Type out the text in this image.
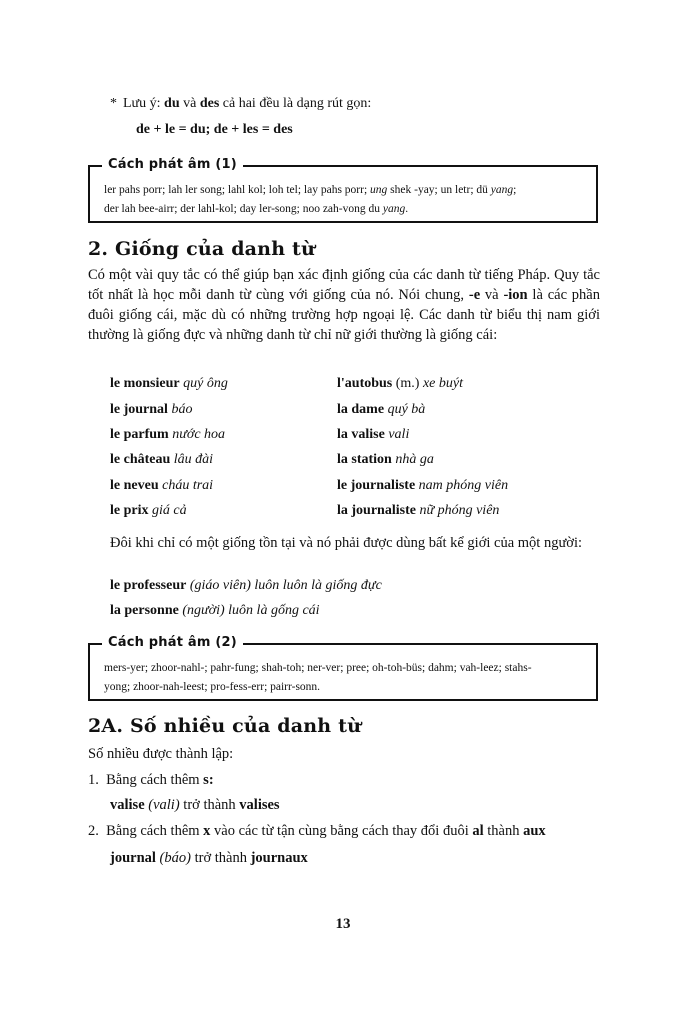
* Lưu ý: du và des cả hai đều là dạng rút gọn:
de + le = du; de + les = des
Cách phát âm (1)
ler pahs porr; lah ler song; lahl kol; loh tel; lay pahs porr; ung shek -yay; un letr; dü yang;
der lah bee-airr; der lahl-kol; day ler-song; noo zah-vong du yang.
2. Giống của danh từ

Có một vài quy tắc có thể giúp bạn xác định giống của các danh từ tiếng Pháp. Quy tắc tốt nhất là học mỗi danh từ cùng với giống của nó. Nói chung, -e và -ion là các phần đuôi giống cái, mặc dù có những trường hợp ngoại lệ. Các danh từ biểu thị nam giới thường là giống đực và những danh từ chỉ nữ giới thường là giống cái:

le monsieur quý ông
le journal báo
le parfum nước hoa
le château lâu đài
le neveu cháu trai
le prix giá cả
l'autobus (m.) xe buýt
la dame quý bà
la valise vali
la station nhà ga
le journaliste nam phóng viên
la journaliste nữ phóng viên

Đôi khi chỉ có một giống tồn tại và nó phải được dùng bất kể giới của một người:

le professeur (giáo viên) luôn luôn là giống đực
la personne (người) luôn là gống cái
Cách phát âm (2)
mers-yer; zhoor-nahl-; pahr-fung; shah-toh; ner-ver; pree; oh-toh-büs; dahm; vah-leez; stahs-
yong; zhoor-nah-leest; pro-fess-err; pairr-sonn.
2A. Số nhiều của danh từ
Số nhiều được thành lập:
1. Bằng cách thêm s:
valise (vali) trở thành valises
2. Bằng cách thêm x vào các từ tận cùng bằng cách thay đổi đuôi al thành aux
journal (báo) trở thành journaux
13
